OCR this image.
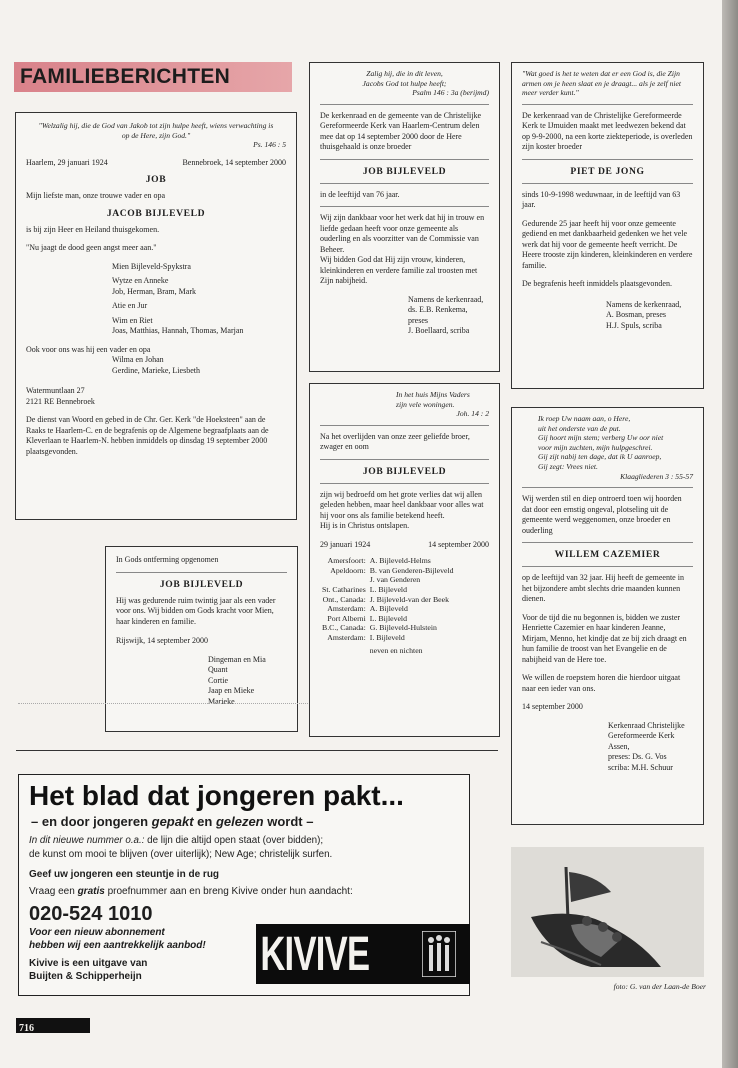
FAMILIEBERICHTEN

"Welzalig hij, die de God van Jakob tot zijn hulpe heeft, wiens verwachting is op de Here, zijn God."

Ps. 146 : 5

Haarlem, 29 januari 1924	Bennebroek, 14 september 2000

JOB

Mijn liefste man, onze trouwe vader en opa

JACOB BIJLEVELD

is bij zijn Heer en Heiland thuisgekomen.

"Nu jaagt de dood geen angst meer aan."

Mien Bijleveld-Spykstra

Wytze en Anneke

Job, Herman, Bram, Mark

Atie en Jur

Wim en Riet

Joas, Matthias, Hannah, Thomas, Marjan

Ook voor ons was hij een vader en opa

Wilma en Johan

Gerdine, Marieke, Liesbeth

Watermuntlaan 27

2121 RE Bennebroek

De dienst van Woord en gebed in de Chr. Ger. Kerk "de Hoeksteen" aan de Raaks te Haarlem-C. en de begrafenis op de Algemene begraafplaats aan de Kleverlaan te Haarlem-N. hebben inmiddels op dinsdag 19 september 2000 plaatsgevonden.

In Gods ontferming opgenomen

JOB BIJLEVELD

Hij was gedurende ruim twintig jaar als een vader voor ons. Wij bidden om Gods kracht voor Mien, haar kinderen en familie.

Rijswijk, 14 september 2000

Dingeman en Mia Quant

Cortie

Jaap en Mieke

Marieke

Zalig hij, die in dit leven,

Jacobs God tot hulpe heeft;

Psalm 146 : 3a (berijmd)

De kerkenraad en de gemeente van de Christelijke Gereformeerde Kerk van Haarlem-Centrum delen mee dat op 14 september 2000 door de Here thuisgehaald is onze broeder

JOB BIJLEVELD

in de leeftijd van 76 jaar.

Wij zijn dankbaar voor het werk dat hij in trouw en liefde gedaan heeft voor onze gemeente als ouderling en als voorzitter van de Commissie van Beheer.

Wij bidden God dat Hij zijn vrouw, kinderen, kleinkinderen en verdere familie zal troosten met Zijn nabijheid.

Namens de kerkenraad,

ds. E.B. Renkema, preses

J. Boellaard, scriba

In het huis Mijns Vaders

zijn vele woningen.

Joh. 14 : 2

Na het overlijden van onze zeer geliefde broer, zwager en oom

JOB BIJLEVELD

zijn wij bedroefd om het grote verlies dat wij allen geleden hebben, maar heel dankbaar voor alles wat hij voor ons als familie betekend heeft.

Hij is in Christus ontslapen.

29 januari 1924	14 september 2000
Amersfoort:	A. Bijleveld-Helms
Apeldoorn:	B. van Genderen-Bijleveld
	J. van Genderen
St. Catharines	L. Bijleveld
Ont., Canada:	J. Bijleveld-van der Beek
Amsterdam:	A. Bijleveld
Port Alberni	L. Bijleveld
B.C., Canada:	G. Bijleveld-Hulstein
Amsterdam:	I. Bijleveld
	neven en nichten

"Wat goed is het te weten dat er een God is, die Zijn armen om je heen slaat en je draagt... als je zelf niet meer verder kunt."

De kerkenraad van de Christelijke Gereformeerde Kerk te IJmuiden maakt met leedwezen bekend dat op 9-9-2000, na een korte ziekteperiode, is overleden zijn koster broeder

PIET DE JONG

sinds 10-9-1998 weduwnaar, in de leeftijd van 63 jaar.

Gedurende 25 jaar heeft hij voor onze gemeente gediend en met dankbaarheid gedenken we het vele werk dat hij voor de gemeente heeft verricht. De Heere trooste zijn kinderen, kleinkinderen en verdere familie.

De begrafenis heeft inmiddels plaatsgevonden.

Namens de kerkenraad,

A. Bosman, preses

H.J. Spuls, scriba

Ik roep Uw naam aan, o Here,

uit het onderste van de put.

Gij hoort mijn stem; verberg Uw oor niet

voor mijn zuchten, mijn hulpgeschrei.

Gij zijt nabij ten dage, dat ik U aanroep,

Gij zegt: Vrees niet.

Klaagliederen 3 : 55-57

Wij werden stil en diep ontroerd toen wij hoorden dat door een ernstig ongeval, plotseling uit de gemeente werd weggenomen, onze broeder en ouderling

WILLEM CAZEMIER

op de leeftijd van 32 jaar. Hij heeft de gemeente in het bijzondere ambt slechts drie maanden kunnen dienen.

Voor de tijd die nu begonnen is, bidden we zuster Henriette Cazemier en haar kinderen Jeanne, Mirjam, Menno, het kindje dat ze bij zich draagt en hun familie de troost van het Evangelie en de nabijheid van de Here toe.

We willen de roepstem horen die hierdoor uitgaat naar een ieder van ons.

14 september 2000

Kerkenraad Christelijke

Gereformeerde Kerk Assen,

preses: Ds. G. Vos

scriba: M.H. Schuur

Het blad dat jongeren pakt...
– en door jongeren gepakt en gelezen wordt –
In dit nieuwe nummer o.a.: de lijn die altijd open staat (over bidden);
de kunst om mooi te blijven (over uiterlijk); New Age; christelijk surfen.
Geef uw jongeren een steuntje in de rug
Vraag een gratis proefnummer aan en breng Kivive onder hun aandacht:
020-524 1010
Voor een nieuw abonnement
hebben wij een aantrekkelijk aanbod!
Kivive is een uitgave van
Buijten & Schipperheijn	KIVIVE
foto: G. van der Laan-de Boer
716
